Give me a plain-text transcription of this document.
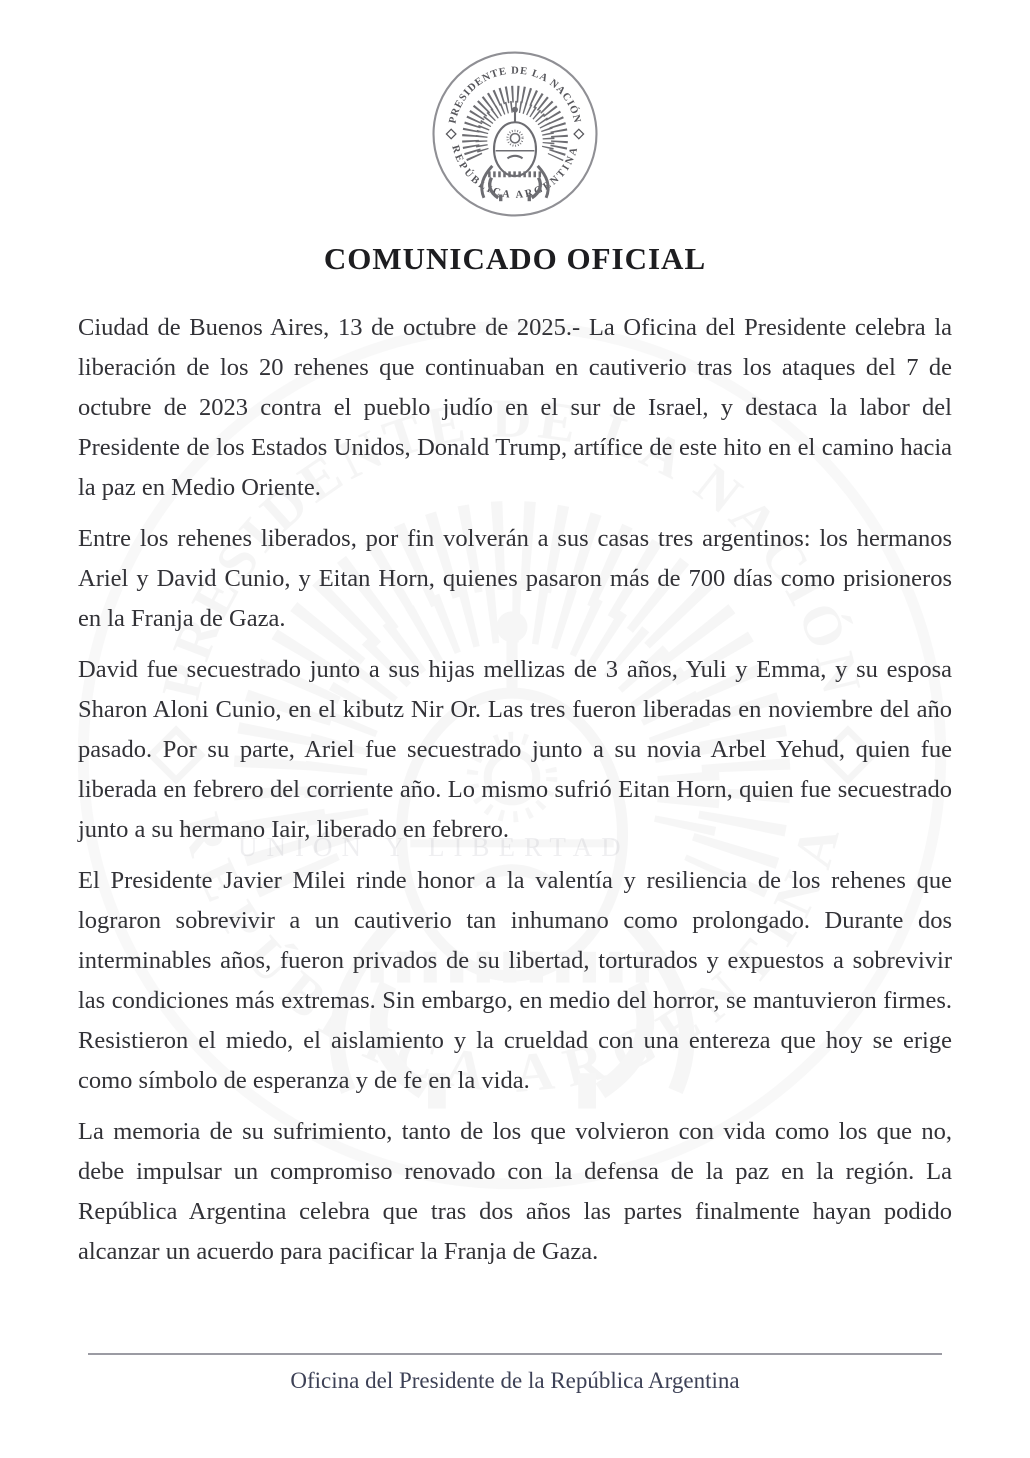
UNIÓN Y LIBERTAD
COMUNICADO OFICIAL

Ciudad de Buenos Aires, 13 de octubre de 2025.- La Oficina del Presidente celebra la liberación de los 20 rehenes que continuaban en cautiverio tras los ataques del 7 de octubre de 2023 contra el pueblo judío en el sur de Israel, y destaca la labor del Presidente de los Estados Unidos, Donald Trump, artífice de este hito en el camino hacia la paz en Medio Oriente.

Entre los rehenes liberados, por fin volverán a sus casas tres argentinos: los hermanos Ariel y David Cunio, y Eitan Horn, quienes pasaron más de 700 días como prisioneros en la Franja de Gaza.

David fue secuestrado junto a sus hijas mellizas de 3 años, Yuli y Emma, y su esposa Sharon Aloni Cunio, en el kibutz Nir Or. Las tres fueron liberadas en noviembre del año pasado. Por su parte, Ariel fue secuestrado junto a su novia Arbel Yehud, quien fue liberada en febrero del corriente año. Lo mismo sufrió Eitan Horn, quien fue secuestrado junto a su hermano Iair, liberado en febrero.

El Presidente Javier Milei rinde honor a la valentía y resiliencia de los rehenes que lograron sobrevivir a un cautiverio tan inhumano como prolongado. Durante dos interminables años, fueron privados de su libertad, torturados y expuestos a sobrevivir las condiciones más extremas. Sin embargo, en medio del horror, se mantuvieron firmes. Resistieron el miedo, el aislamiento y la crueldad con una entereza que hoy se erige como símbolo de esperanza y de fe en la vida.

La memoria de su sufrimiento, tanto de los que volvieron con vida como los que no, debe impulsar un compromiso renovado con la defensa de la paz en la región. La República Argentina celebra que tras dos años las partes finalmente hayan podido alcanzar un acuerdo para pacificar la Franja de Gaza.

Oficina del Presidente de la República Argentina
